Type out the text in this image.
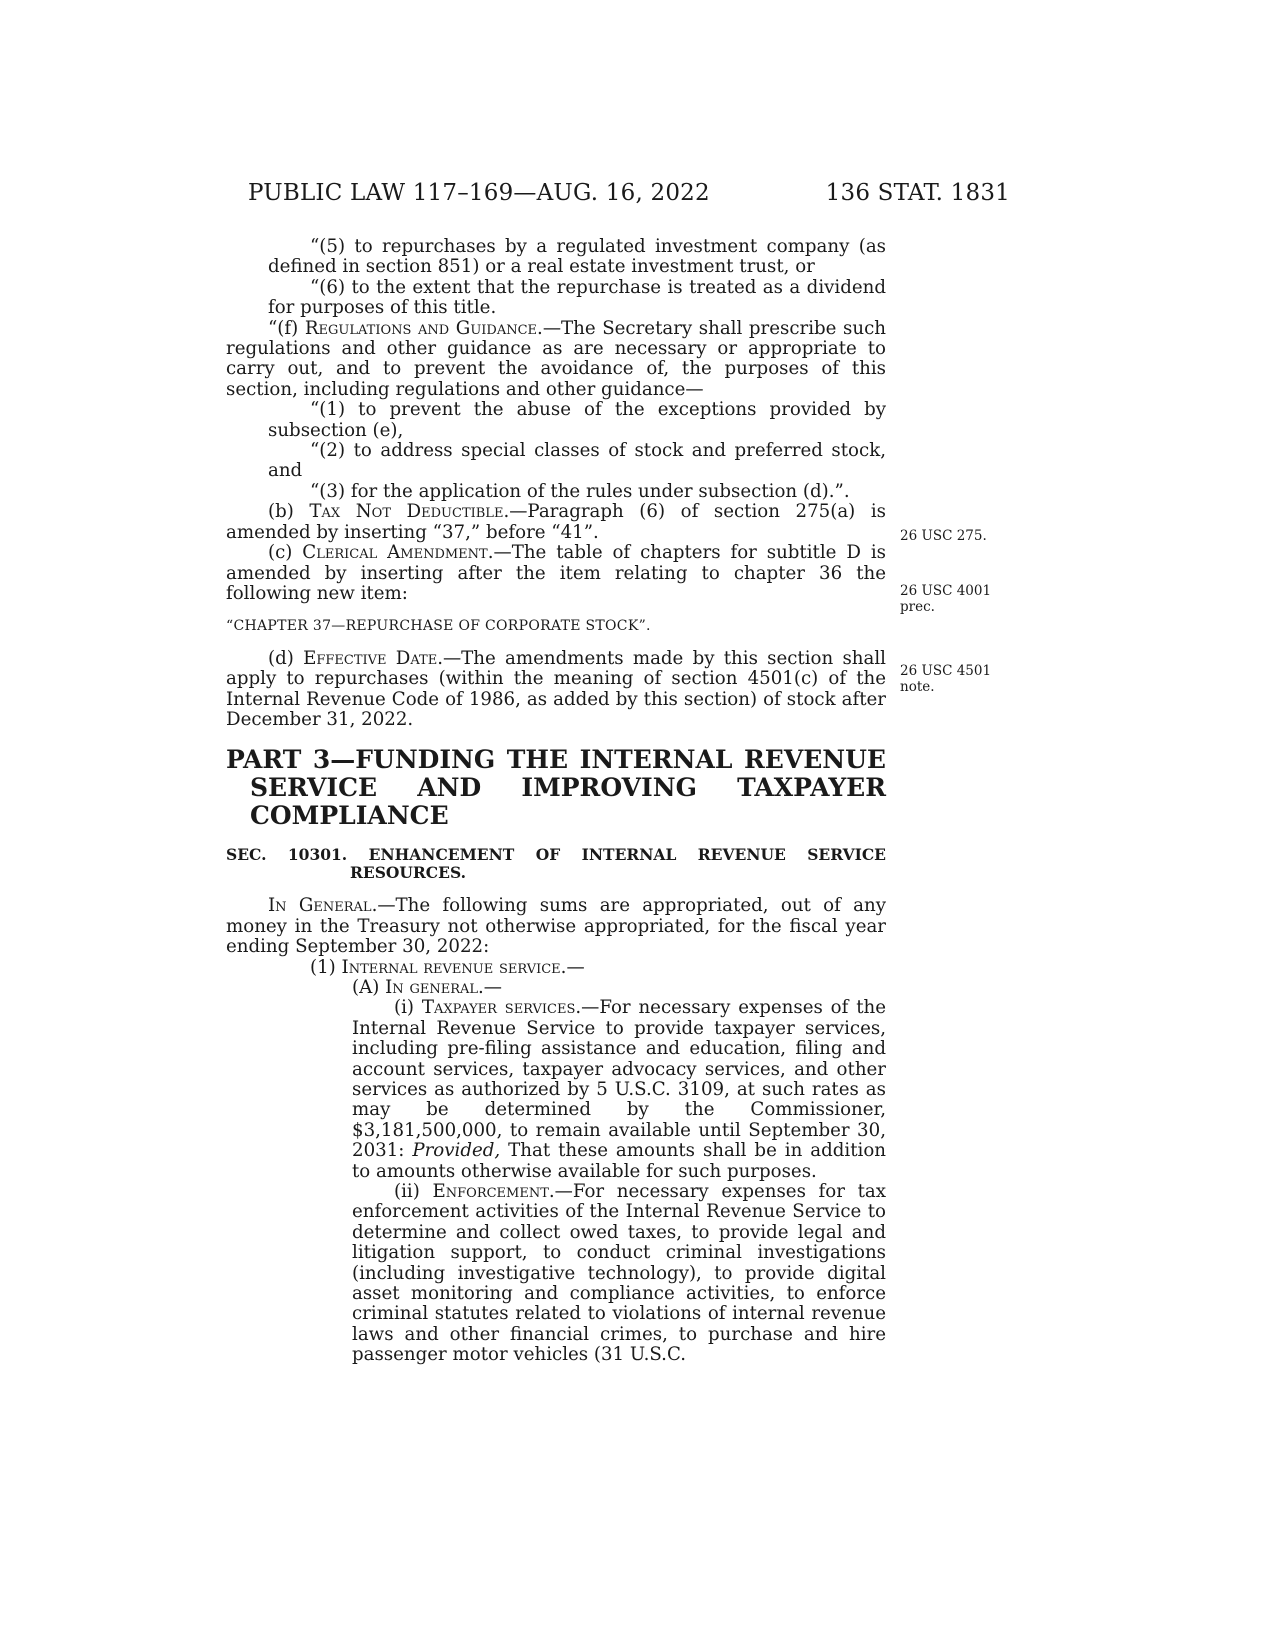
PUBLIC LAW 117–169—AUG. 16, 2022	136 STAT. 1831

“(5) to repurchases by a regulated investment company (as defined in section 851) or a real estate investment trust, or

“(6) to the extent that the repurchase is treated as a dividend for purposes of this title.

“(f) Regulations and Guidance.—The Secretary shall prescribe such regulations and other guidance as are necessary or appropriate to carry out, and to prevent the avoidance of, the purposes of this section, including regulations and other guidance—

“(1) to prevent the abuse of the exceptions provided by subsection (e),

“(2) to address special classes of stock and preferred stock, and

“(3) for the application of the rules under subsection (d).”.

(b) Tax Not Deductible.—Paragraph (6) of section 275(a) is amended by inserting “37,” before “41”.

(c) Clerical Amendment.—The table of chapters for subtitle D is amended by inserting after the item relating to chapter 36 the following new item:

“CHAPTER 37—REPURCHASE OF CORPORATE STOCK”.

(d) Effective Date.—The amendments made by this section shall apply to repurchases (within the meaning of section 4501(c) of the Internal Revenue Code of 1986, as added by this section) of stock after December 31, 2022.

PART 3—FUNDING THE INTERNAL REVENUE SERVICE AND IMPROVING TAXPAYER COMPLIANCE

SEC. 10301. ENHANCEMENT OF INTERNAL REVENUE SERVICE RESOURCES.

In General.—The following sums are appropriated, out of any money in the Treasury not otherwise appropriated, for the fiscal year ending September 30, 2022:

(1) Internal revenue service.—

(A) In general.—

(i) Taxpayer services.—For necessary expenses of the Internal Revenue Service to provide taxpayer services, including pre-filing assistance and education, filing and account services, taxpayer advocacy services, and other services as authorized by 5 U.S.C. 3109, at such rates as may be determined by the Commissioner, $3,181,500,000, to remain available until September 30, 2031: Provided, That these amounts shall be in addition to amounts otherwise available for such purposes.

(ii) Enforcement.—For necessary expenses for tax enforcement activities of the Internal Revenue Service to determine and collect owed taxes, to provide legal and litigation support, to conduct criminal investigations (including investigative technology), to provide digital asset monitoring and compliance activities, to enforce criminal statutes related to violations of internal revenue laws and other financial crimes, to purchase and hire passenger motor vehicles (31 U.S.C.

26 USC 275.
26 USC 4001
prec.
26 USC 4501
note.
